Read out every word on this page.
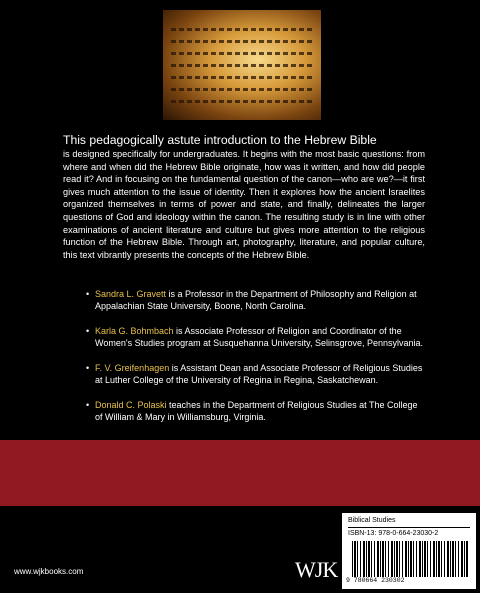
This pedagogically astute introduction to the Hebrew Bible
is designed specifically for undergraduates. It begins with the most basic questions: from where and when did the Hebrew Bible originate, how was it written, and how did people read it? And in focusing on the fundamental question of the canon—who are we?—it first gives much attention to the issue of identity. Then it explores how the ancient Israelites organized themselves in terms of power and state, and finally, delineates the larger questions of God and ideology within the canon. The resulting study is in line with other examinations of ancient literature and culture but gives more attention to the religious function of the Hebrew Bible. Through art, photography, literature, and popular culture, this text vibrantly presents the concepts of the Hebrew Bible.
• Sandra L. Gravett is a Professor in the Department of Philosophy and Religion at Appalachian State University, Boone, North Carolina.
• Karla G. Bohmbach is Associate Professor of Religion and Coordinator of the Women's Studies program at Susquehanna University, Selinsgrove, Pennsylvania.
• F. V. Greifenhagen is Assistant Dean and Associate Professor of Religious Studies at Luther College of the University of Regina in Regina, Saskatchewan.
• Donald C. Polaski teaches in the Department of Religious Studies at The College of William & Mary in Williamsburg, Virginia.
www.wjkbooks.com	WJK
Biblical Studies
ISBN-13: 978-0-664-23030-2
9 780664 230302
